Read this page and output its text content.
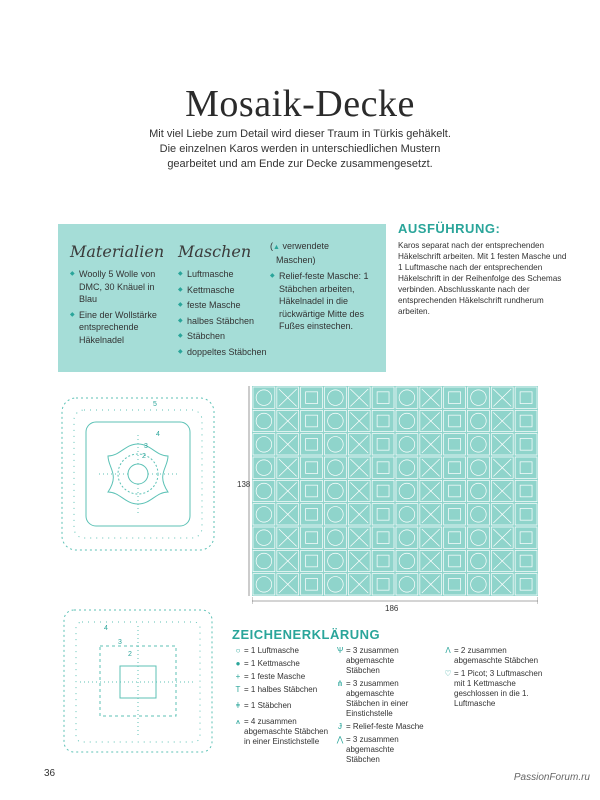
Mosaik-Decke
Mit viel Liebe zum Detail wird dieser Traum in Türkis gehäkelt.
Die einzelnen Karos werden in unterschiedlichen Mustern
gearbeitet und am Ende zur Decke zusammengesetzt.
Materialien
◆ Woolly 5 Wolle von DMC, 30 Knäuel in Blau
◆ Eine der Wollstärke entsprechende Häkelnadel
Maschen
◆ Luftmasche
◆ Kettmasche
◆ feste Masche
◆ halbes Stäbchen
◆ Stäbchen
◆ doppeltes Stäbchen
(▲ verwendete
Maschen)
◆ Relief-feste Masche: 1 Stäbchen arbeiten, Häkelnadel in die rückwärtige Mitte des Fußes einstechen.
AUSFÜHRUNG:
Karos separat nach der entsprechenden Häkelschrift arbeiten. Mit 1 festen Masche und 1 Luftmasche nach der entsprechenden Häkelschrift in der Reihenfolge des Schemas verbinden. Abschlusskante nach der entsprechenden Häkelschrift rundherum arbeiten.
5
4
3
2
4
3
2
138
186
ZEICHENERKLÄRUNG
○ = 1 Luftmasche
● = 1 Kettmasche
+ = 1 feste Masche
T = 1 halbes Stäbchen
ǂ = 1 Stäbchen
⩚ = 4 zusammen abgemaschte Stäbchen in einer Einstichstelle
Ѱ = 3 zusammen abgemaschte Stäbchen
⋔ = 3 zusammen abgemaschte Stäbchen in einer Einstichstelle
Ɉ = Relief-feste Masche
⋀ = 3 zusammen abgemaschte Stäbchen
Ʌ = 2 zusammen abgemaschte Stäbchen
♡ = 1 Picot; 3 Luftmaschen mit 1 Kettmasche geschlossen in die 1. Luftmasche
36	PassionForum.ru
